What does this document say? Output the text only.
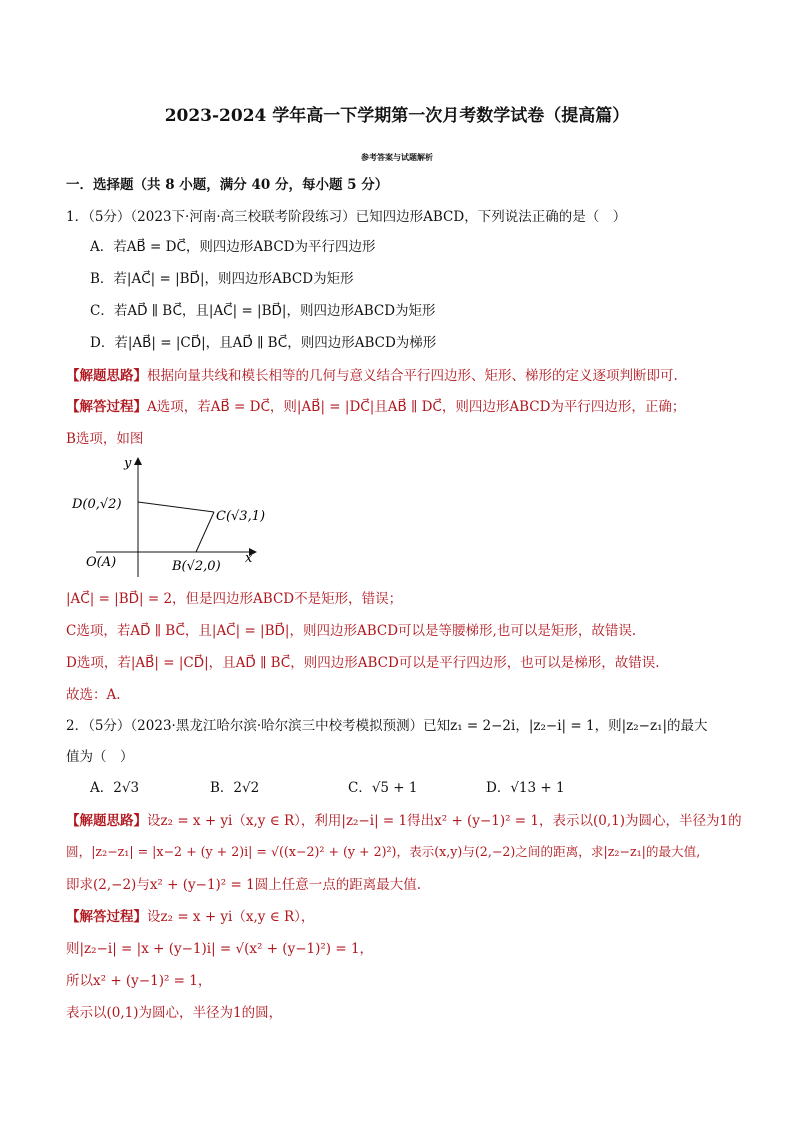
2023-2024 学年高一下学期第一次月考数学试卷（提高篇）
参考答案与试题解析
一．选择题（共 8 小题，满分 40 分，每小题 5 分）
1．（5分）（2023下·河南·高三校联考阶段练习）已知四边形ABCD，下列说法正确的是（　）
A．若AB⃗ = DC⃗，则四边形ABCD为平行四边形
B．若|AC⃗| = |BD⃗|，则四边形ABCD为矩形
C．若AD⃗ ∥ BC⃗，且|AC⃗| = |BD⃗|，则四边形ABCD为矩形
D．若|AB⃗| = |CD⃗|，且AD⃗ ∥ BC⃗，则四边形ABCD为梯形
【解题思路】根据向量共线和模长相等的几何与意义结合平行四边形、矩形、梯形的定义逐项判断即可.
【解答过程】A选项，若AB⃗ = DC⃗，则|AB⃗| = |DC⃗|且AB⃗ ∥ DC⃗，则四边形ABCD为平行四边形，正确；
B选项，如图
y
x
D(0,√2)
C(√3,1)
O(A)	B(√2,0)
|AC⃗| = |BD⃗| = 2，但是四边形ABCD不是矩形，错误；
C选项，若AD⃗ ∥ BC⃗，且|AC⃗| = |BD⃗|，则四边形ABCD可以是等腰梯形,也可以是矩形，故错误.
D选项，若|AB⃗| = |CD⃗|，且AD⃗ ∥ BC⃗，则四边形ABCD可以是平行四边形，也可以是梯形，故错误.
故选：A.
2．（5分）（2023·黑龙江哈尔滨·哈尔滨三中校考模拟预测）已知z₁ = 2−2i，|z₂−i| = 1，则|z₂−z₁|的最大
值为（　）
A．2√3	B．2√2	C．√5 + 1	D．√13 + 1
【解题思路】设z₂ = x + yi（x,y ∈ R），利用|z₂−i| = 1得出x² + (y−1)² = 1，表示以(0,1)为圆心，半径为1的
圆，|z₂−z₁| = |x−2 + (y + 2)i| = √((x−2)² + (y + 2)²)，表示(x,y)与(2,−2)之间的距离，求|z₂−z₁|的最大值,
即求(2,−2)与x² + (y−1)² = 1圆上任意一点的距离最大值.
【解答过程】设z₂ = x + yi（x,y ∈ R），
则|z₂−i| = |x + (y−1)i| = √(x² + (y−1)²) = 1，
所以x² + (y−1)² = 1，
表示以(0,1)为圆心，半径为1的圆，
